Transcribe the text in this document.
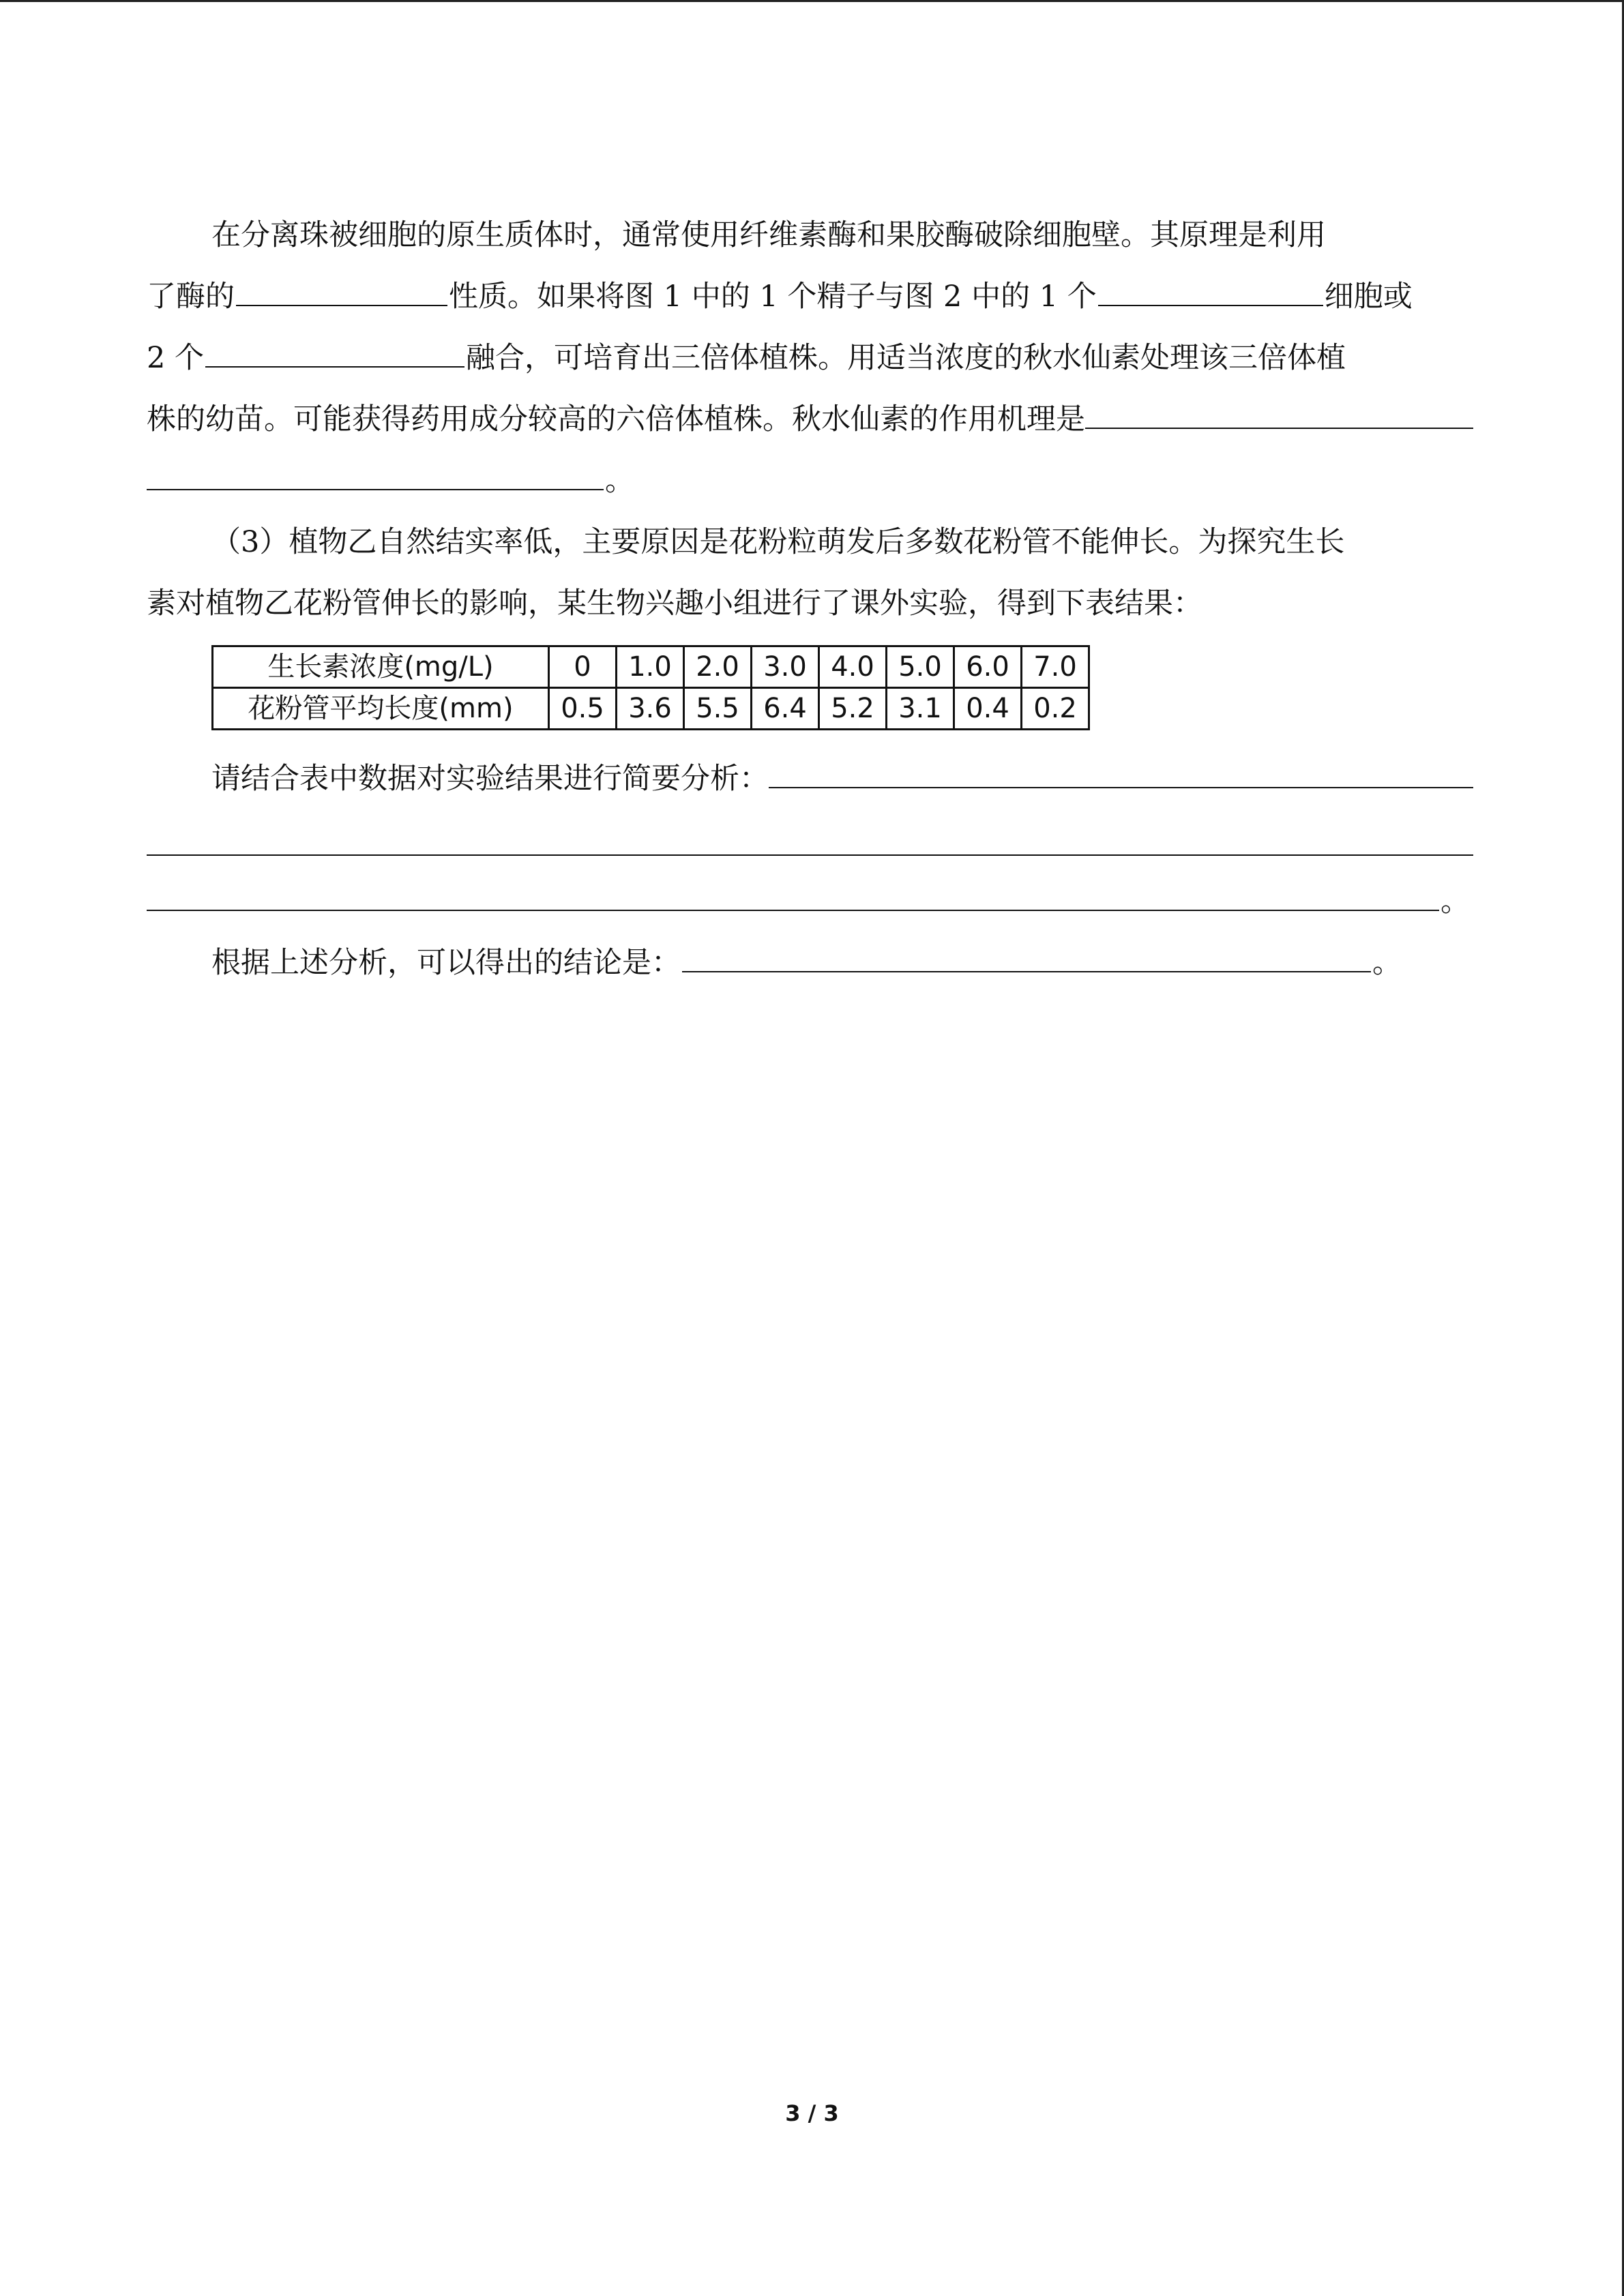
在分离珠被细胞的原生质体时，通常使用纤维素酶和果胶酶破除细胞壁。其原理是利用
了酶的	性质。如果将图 1 中的 1 个精子与图 2 中的 1 个	细胞或
2 个	融合，可培育出三倍体植株。用适当浓度的秋水仙素处理该三倍体植
株的幼苗。可能获得药用成分较高的六倍体植株。秋水仙素的作用机理是
。
（3）植物乙自然结实率低，主要原因是花粉粒萌发后多数花粉管不能伸长。为探究生长
素对植物乙花粉管伸长的影响，某生物兴趣小组进行了课外实验，得到下表结果：
生长素浓度(mg/L)	0	1.0	2.0	3.0	4.0	5.0	6.0	7.0
花粉管平均长度(mm)	0.5	3.6	5.5	6.4	5.2	3.1	0.4	0.2
请结合表中数据对实验结果进行简要分析：
。
根据上述分析，可以得出的结论是：	。
3 / 3
